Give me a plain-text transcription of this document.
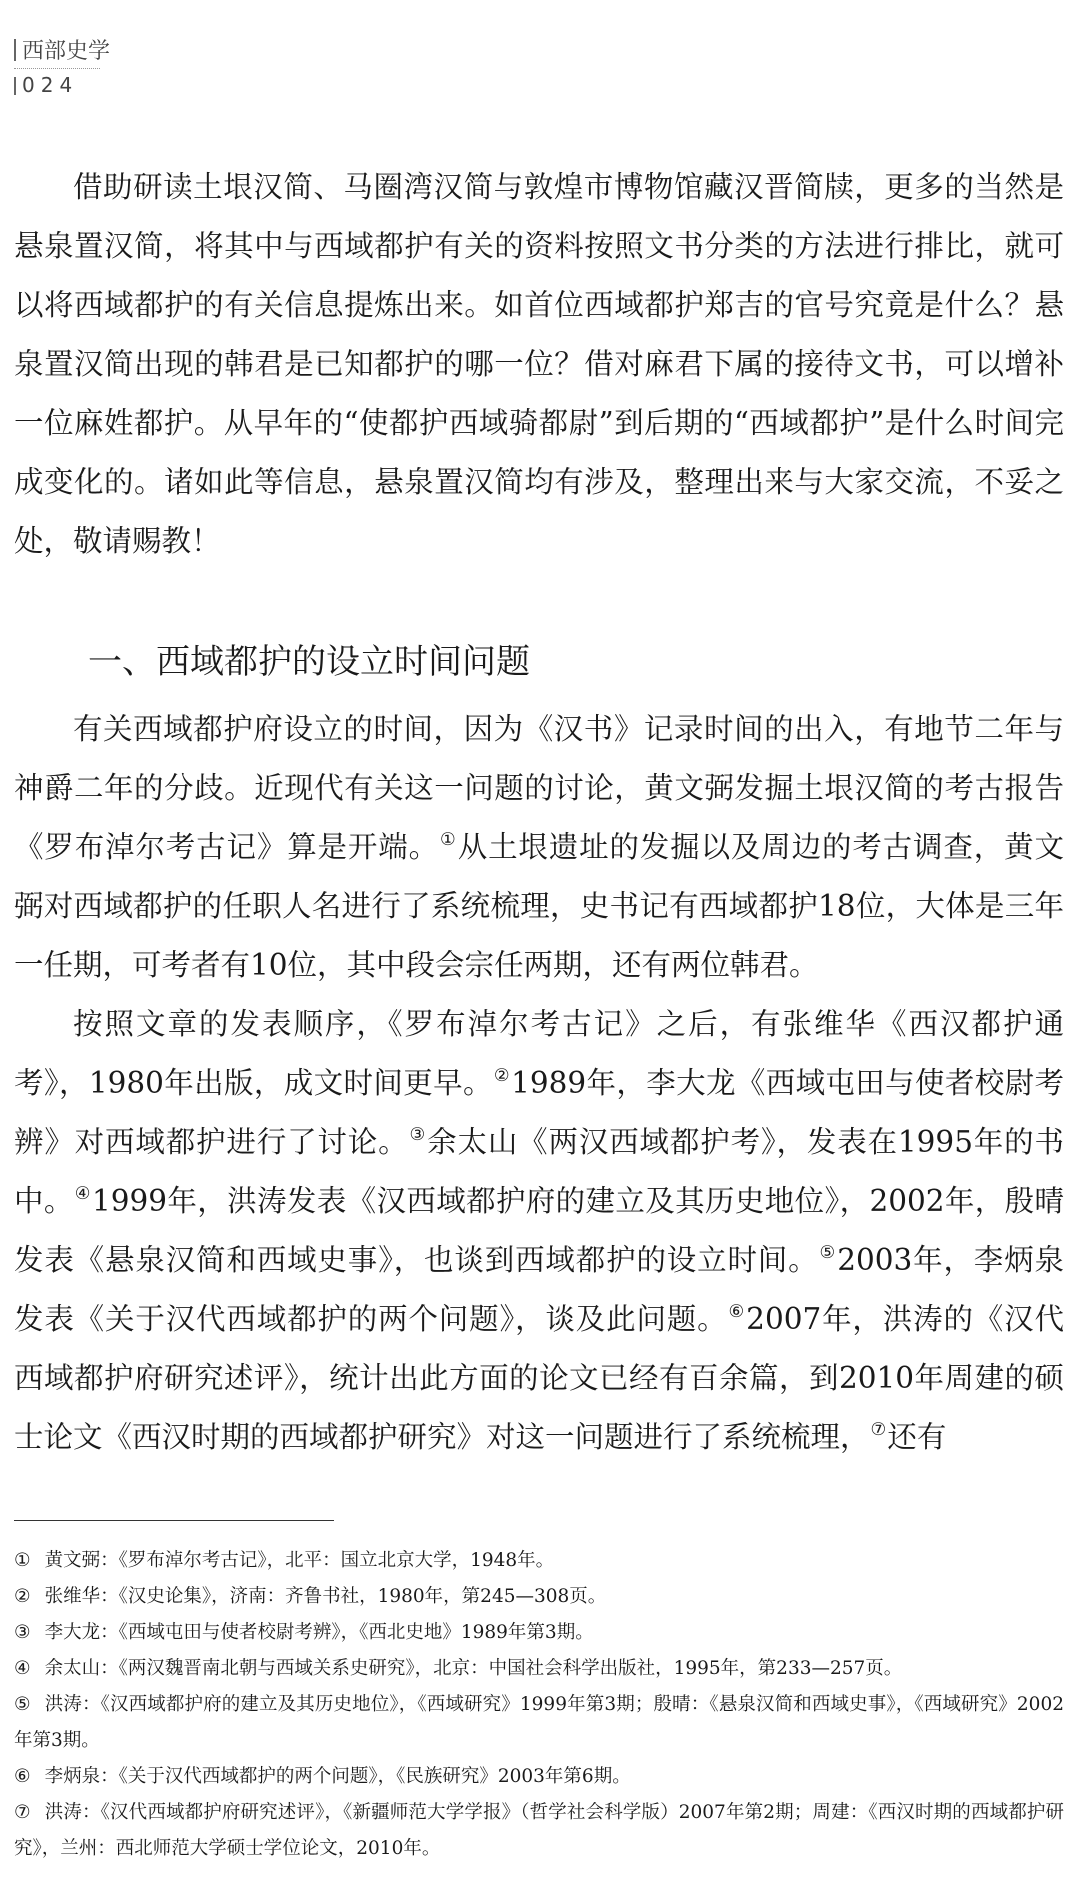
西部史学
024

借助研读土垠汉简、马圈湾汉简与敦煌市博物馆藏汉晋简牍，更多的当然是悬泉置汉简，将其中与西域都护有关的资料按照文书分类的方法进行排比，就可以将西域都护的有关信息提炼出来。如首位西域都护郑吉的官号究竟是什么？悬泉置汉简出现的韩君是已知都护的哪一位？借对麻君下属的接待文书，可以增补一位麻姓都护。从早年的“使都护西域骑都尉”到后期的“西域都护”是什么时间完成变化的。诸如此等信息，悬泉置汉简均有涉及，整理出来与大家交流，不妥之处，敬请赐教！

一、西域都护的设立时间问题

有关西域都护府设立的时间，因为《汉书》记录时间的出入，有地节二年与神爵二年的分歧。近现代有关这一问题的讨论，黄文弼发掘土垠汉简的考古报告《罗布淖尔考古记》算是开端。①从土垠遗址的发掘以及周边的考古调查，黄文弼对西域都护的任职人名进行了系统梳理，史书记有西域都护18位，大体是三年一任期，可考者有10位，其中段会宗任两期，还有两位韩君。

按照文章的发表顺序，《罗布淖尔考古记》之后，有张维华《西汉都护通考》，1980年出版，成文时间更早。②1989年，李大龙《西域屯田与使者校尉考辨》对西域都护进行了讨论。③余太山《两汉西域都护考》，发表在1995年的书中。④1999年，洪涛发表《汉西域都护府的建立及其历史地位》，2002年，殷晴发表《悬泉汉简和西域史事》，也谈到西域都护的设立时间。⑤2003年，李炳泉发表《关于汉代西域都护的两个问题》，谈及此问题。⑥2007年，洪涛的《汉代西域都护府研究述评》，统计出此方面的论文已经有百余篇，到2010年周建的硕士论文《西汉时期的西域都护研究》对这一问题进行了系统梳理，⑦还有

① 黄文弼：《罗布淖尔考古记》，北平：国立北京大学，1948年。

② 张维华：《汉史论集》，济南：齐鲁书社，1980年，第245—308页。

③ 李大龙：《西域屯田与使者校尉考辨》，《西北史地》1989年第3期。

④ 余太山：《两汉魏晋南北朝与西域关系史研究》，北京：中国社会科学出版社，1995年，第233—257页。

⑤ 洪涛：《汉西域都护府的建立及其历史地位》，《西域研究》1999年第3期；殷晴：《悬泉汉简和西域史事》，《西域研究》2002年第3期。

⑥ 李炳泉：《关于汉代西域都护的两个问题》，《民族研究》2003年第6期。

⑦ 洪涛：《汉代西域都护府研究述评》，《新疆师范大学学报》（哲学社会科学版）2007年第2期；周建：《西汉时期的西域都护研究》，兰州：西北师范大学硕士学位论文，2010年。
